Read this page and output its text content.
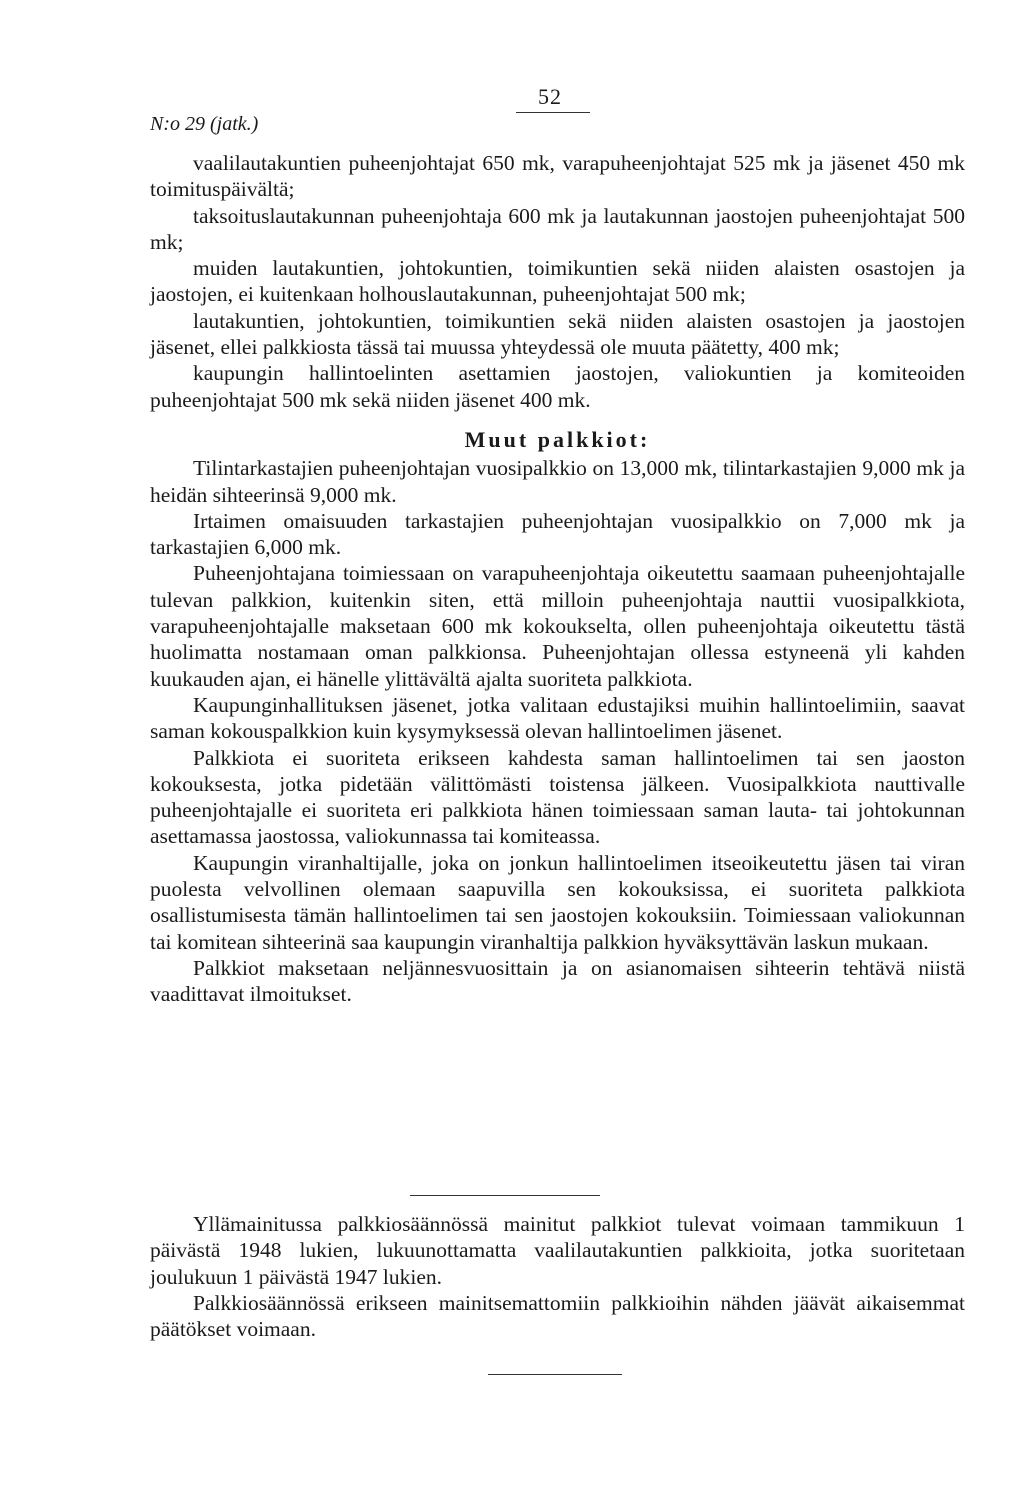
52
N:o 29 (jatk.)

vaalilautakuntien puheenjohtajat 650 mk, varapuheenjohtajat 525 mk ja jäsenet 450 mk toimituspäivältä;

taksoituslautakunnan puheenjohtaja 600 mk ja lautakunnan jaostojen puheenjohtajat 500 mk;

muiden lautakuntien, johtokuntien, toimikuntien sekä niiden alaisten osastojen ja jaostojen, ei kuitenkaan holhouslautakunnan, puheenjohtajat 500 mk;

lautakuntien, johtokuntien, toimikuntien sekä niiden alaisten osastojen ja jaostojen jäsenet, ellei palkkiosta tässä tai muussa yhteydessä ole muuta päätetty, 400 mk;

kaupungin hallintoelinten asettamien jaostojen, valiokuntien ja komiteoiden puheenjohtajat 500 mk sekä niiden jäsenet 400 mk.

Muut palkkiot:

Tilintarkastajien puheenjohtajan vuosipalkkio on 13,000 mk, tilintarkastajien 9,000 mk ja heidän sihteerinsä 9,000 mk.

Irtaimen omaisuuden tarkastajien puheenjohtajan vuosipalkkio on 7,000 mk ja tarkastajien 6,000 mk.

Puheenjohtajana toimiessaan on varapuheenjohtaja oikeutettu saamaan puheenjohtajalle tulevan palkkion, kuitenkin siten, että milloin puheenjohtaja nauttii vuosipalkkiota, varapuheenjohtajalle maksetaan 600 mk kokoukselta, ollen puheenjohtaja oikeutettu tästä huolimatta nostamaan oman palkkionsa. Puheenjohtajan ollessa estyneenä yli kahden kuukauden ajan, ei hänelle ylittävältä ajalta suoriteta palkkiota.

Kaupunginhallituksen jäsenet, jotka valitaan edustajiksi muihin hallintoelimiin, saavat saman kokouspalkkion kuin kysymyksessä olevan hallintoelimen jäsenet.

Palkkiota ei suoriteta erikseen kahdesta saman hallintoelimen tai sen jaoston kokouksesta, jotka pidetään välittömästi toistensa jälkeen. Vuosipalkkiota nauttivalle puheenjohtajalle ei suoriteta eri palkkiota hänen toimiessaan saman lauta- tai johtokunnan asettamassa jaostossa, valiokunnassa tai komiteassa.

Kaupungin viranhaltijalle, joka on jonkun hallintoelimen itseoikeutettu jäsen tai viran puolesta velvollinen olemaan saapuvilla sen kokouksissa, ei suoriteta palkkiota osallistumisesta tämän hallintoelimen tai sen jaostojen kokouksiin. Toimiessaan valiokunnan tai komitean sihteerinä saa kaupungin viranhaltija palkkion hyväksyttävän laskun mukaan.

Palkkiot maksetaan neljännesvuosittain ja on asianomaisen sihteerin tehtävä niistä vaadittavat ilmoitukset.

Yllämainitussa palkkiosäännössä mainitut palkkiot tulevat voimaan tammikuun 1 päivästä 1948 lukien, lukuunottamatta vaalilautakuntien palkkioita, jotka suoritetaan joulukuun 1 päivästä 1947 lukien.

Palkkiosäännössä erikseen mainitsemattomiin palkkioihin nähden jäävät aikaisemmat päätökset voimaan.
